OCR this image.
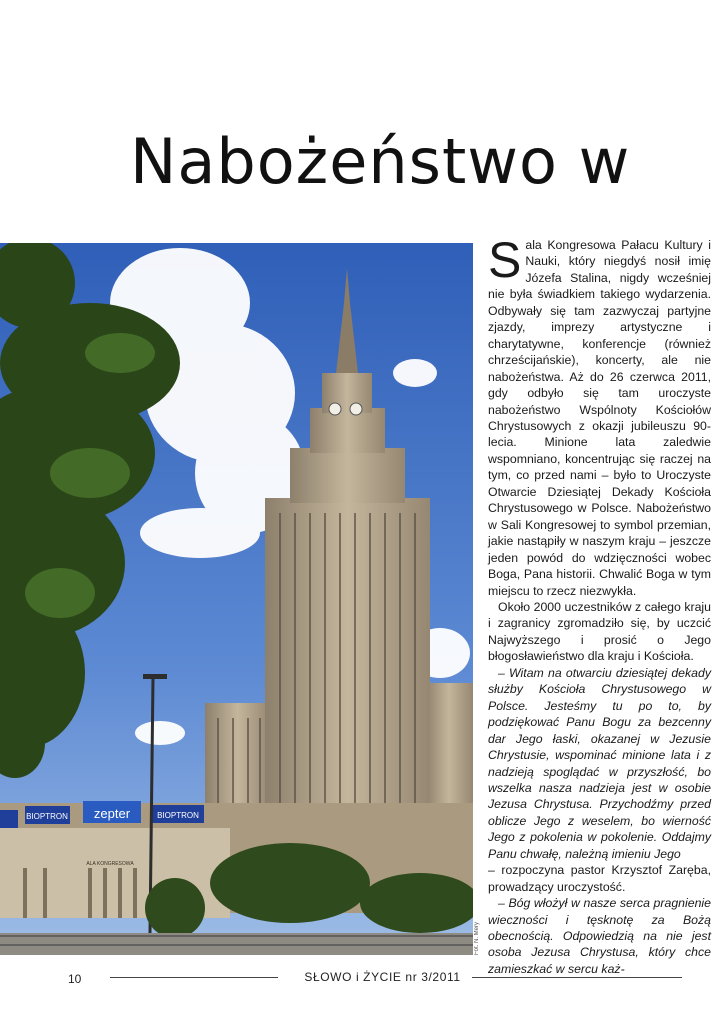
Nabożeństwo w
BIOPTRON zepter	BIOPTRON
ALA KONGRESOWA
Fot. N. Mery

Sala Kongresowa Pałacu Kultury i Nauki, który niegdyś nosił imię Józefa Stalina, nigdy wcześniej nie była świadkiem takiego wydarzenia. Odbywały się tam zazwyczaj partyjne zjazdy, imprezy artystyczne i charytatywne, konferencje (również chrześcijańskie), koncerty, ale nie nabożeństwa. Aż do 26 czerwca 2011, gdy odbyło się tam uroczyste nabożeństwo Wspólnoty Kościołów Chrystusowych z okazji jubileuszu 90-lecia. Minione lata zaledwie wspomniano, koncentrując się raczej na tym, co przed nami – było to Uroczyste Otwarcie Dziesiątej Dekady Kościoła Chrystusowego w Polsce. Nabożeństwo w Sali Kongresowej to symbol przemian, jakie nastąpiły w naszym kraju – jeszcze jeden powód do wdzięczności wobec Boga, Pana historii. Chwalić Boga w tym miejscu to rzecz niezwykła.

Około 2000 uczestników z całego kraju i zagranicy zgromadziło się, by uczcić Najwyższego i prosić o Jego błogosławieństwo dla kraju i Kościoła.

– Witam na otwarciu dziesiątej dekady służby Kościoła Chrystusowego w Polsce. Jesteśmy tu po to, by podziękować Panu Bogu za bezcenny dar Jego łaski, okazanej w Jezusie Chrystusie, wspominać minione lata i z nadzieją spoglądać w przyszłość, bo wszelka nasza nadzieja jest w osobie Jezusa Chrystusa. Przychodźmy przed oblicze Jego z weselem, bo wierność Jego z pokolenia w pokolenie. Oddajmy Panu chwałę, należną imieniu Jego

– rozpoczyna pastor Krzysztof Zaręba, prowadzący uroczystość.

– Bóg włożył w nasze serca pragnienie wieczności i tęsknotę za Bożą obecnością. Odpowiedzią na nie jest osoba Jezusa Chrystusa, który chce zamieszkać w sercu każ-

10	SŁOWO i ŻYCIE nr 3/2011
